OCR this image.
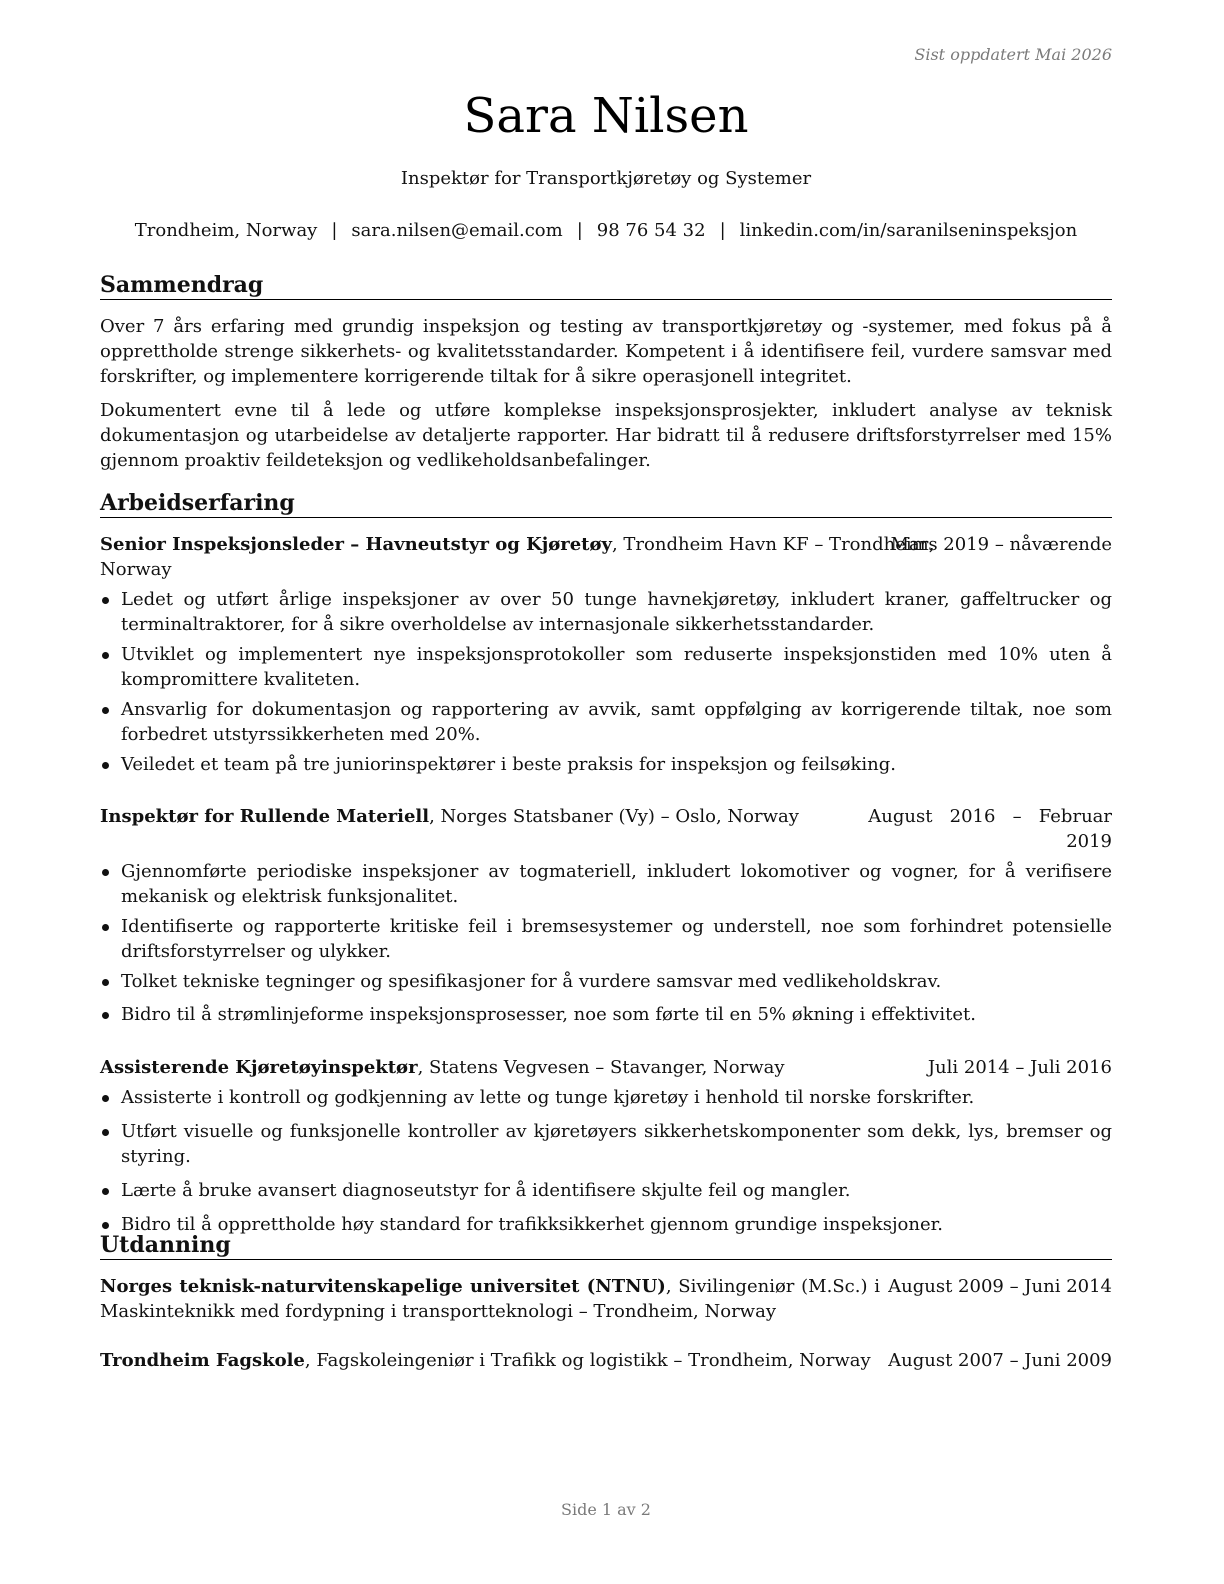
Sist oppdatert Mai 2026
Sara Nilsen
Inspektør for Transportkjøretøy og Systemer
Trondheim, Norway | sara.nilsen@email.com | 98 76 54 32 | linkedin.com/in/saranilseninspeksjon
Sammendrag
Over 7 års erfaring med grundig inspeksjon og testing av transportkjøretøy og -systemer, med fokus på å opprettholde strenge sikkerhets- og kvalitetsstandarder. Kompetent i å identifisere feil, vurdere samsvar med forskrifter, og implementere korrigerende tiltak for å sikre operasjonell integritet.
Dokumentert evne til å lede og utføre komplekse inspeksjonsprosjekter, inkludert analyse av teknisk dokumentasjon og utarbeidelse av detaljerte rapporter. Har bidratt til å redusere driftsforstyrrelser med 15% gjennom proaktiv feildeteksjon og vedlikeholdsanbefalinger.
Arbeidserfaring
Senior Inspeksjonsleder – Havneutstyr og Kjøretøy, Trondheim Havn KF – Trondheim,
Norway
Mars 2019 – nåværende
Ledet og utført årlige inspeksjoner av over 50 tunge havnekjøretøy, inkludert kraner, gaffeltrucker og terminaltraktorer, for å sikre overholdelse av internasjonale sikkerhetsstandarder.
Utviklet og implementert nye inspeksjonsprotokoller som reduserte inspeksjonstiden med 10% uten å kompromittere kvaliteten.
Ansvarlig for dokumentasjon og rapportering av avvik, samt oppfølging av korrigerende tiltak, noe som forbedret utstyrssikkerheten med 20%.
Veiledet et team på tre juniorinspektører i beste praksis for inspeksjon og feilsøking.
Inspektør for Rullende Materiell, Norges Statsbaner (Vy) – Oslo, Norway	August   2016   –   Februar
2019
Gjennomførte periodiske inspeksjoner av togmateriell, inkludert lokomotiver og vogner, for å verifisere mekanisk og elektrisk funksjonalitet.
Identifiserte og rapporterte kritiske feil i bremsesystemer og understell, noe som forhindret potensielle driftsforstyrrelser og ulykker.
Tolket tekniske tegninger og spesifikasjoner for å vurdere samsvar med vedlikeholdskrav.
Bidro til å strømlinjeforme inspeksjonsprosesser, noe som førte til en 5% økning i effektivitet.
Assisterende Kjøretøyinspektør, Statens Vegvesen – Stavanger, Norway	Juli 2014 – Juli 2016
Assisterte i kontroll og godkjenning av lette og tunge kjøretøy i henhold til norske forskrifter.
Utført visuelle og funksjonelle kontroller av kjøretøyers sikkerhetskomponenter som dekk, lys, bremser og styring.
Lærte å bruke avansert diagnoseutstyr for å identifisere skjulte feil og mangler.
Bidro til å opprettholde høy standard for trafikksikkerhet gjennom grundige inspeksjoner.
Utdanning
Norges teknisk-naturvitenskapelige universitet (NTNU), Sivilingeniør (M.Sc.) i Maskinteknikk med fordypning i transportteknologi – Trondheim, Norway
August 2009 – Juni 2014
Trondheim Fagskole, Fagskoleingeniør i Trafikk og logistikk – Trondheim, Norway August 2007 – Juni 2009
Side 1 av 2
